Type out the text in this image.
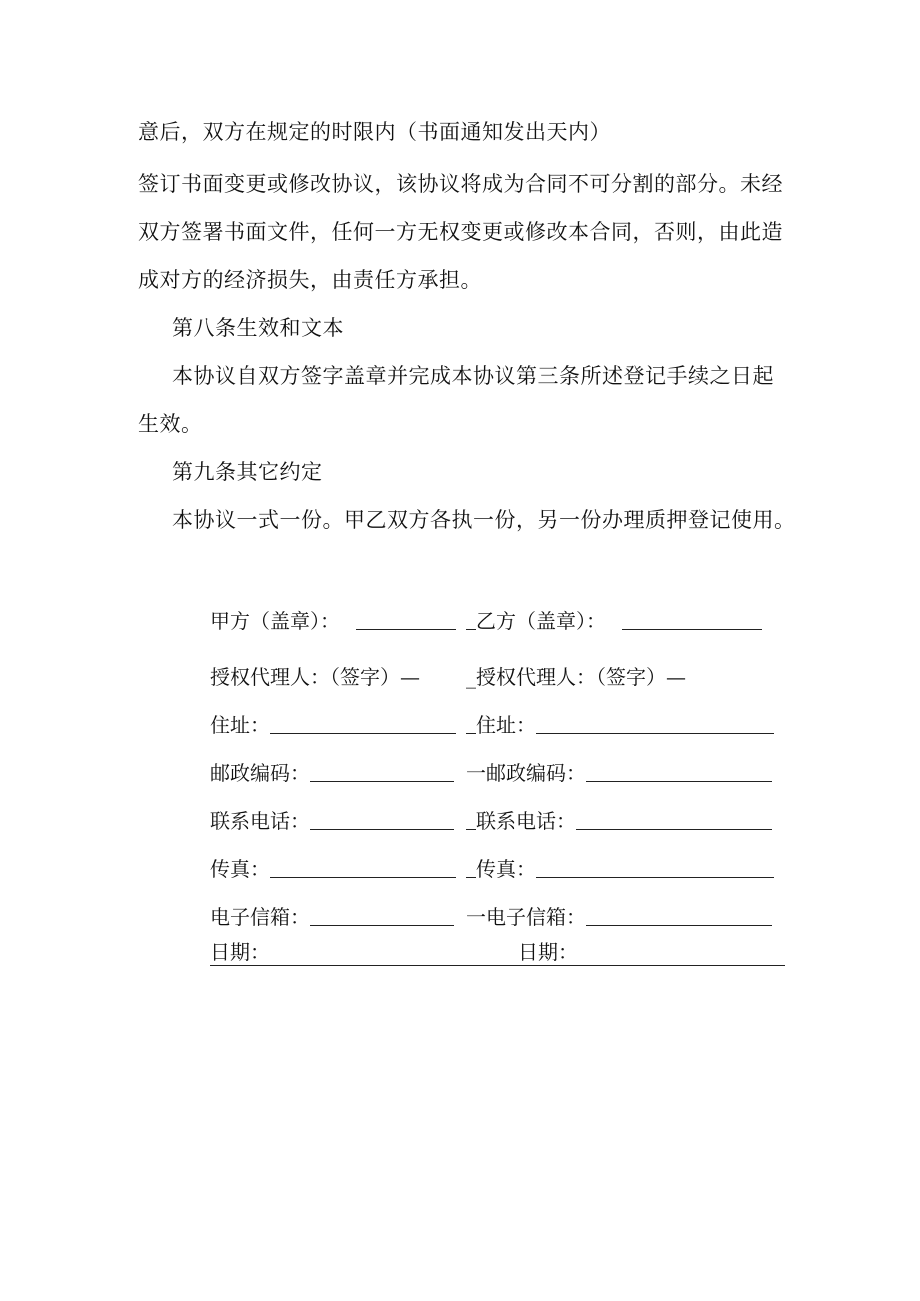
意后，双方在规定的时限内（书面通知发出天内）
签订书面变更或修改协议，该协议将成为合同不可分割的部分。未经
双方签署书面文件，任何一方无权变更或修改本合同，否则，由此造
成对方的经济损失，由责任方承担。
第八条生效和文本
本协议自双方签字盖章并完成本协议第三条所述登记手续之日起
生效。
第九条其它约定
本协议一式一份。甲乙双方各执一份，另一份办理质押登记使用。
甲方（盖章）：	乙方（盖章）：
授权代理人：（签字）— _授权代理人：（签字）—
住址：	住址：
邮政编码：	一邮政编码：
联系电话：	联系电话：
传真：	传真：
电子信箱：	一电子信箱：
日期：	日期：
